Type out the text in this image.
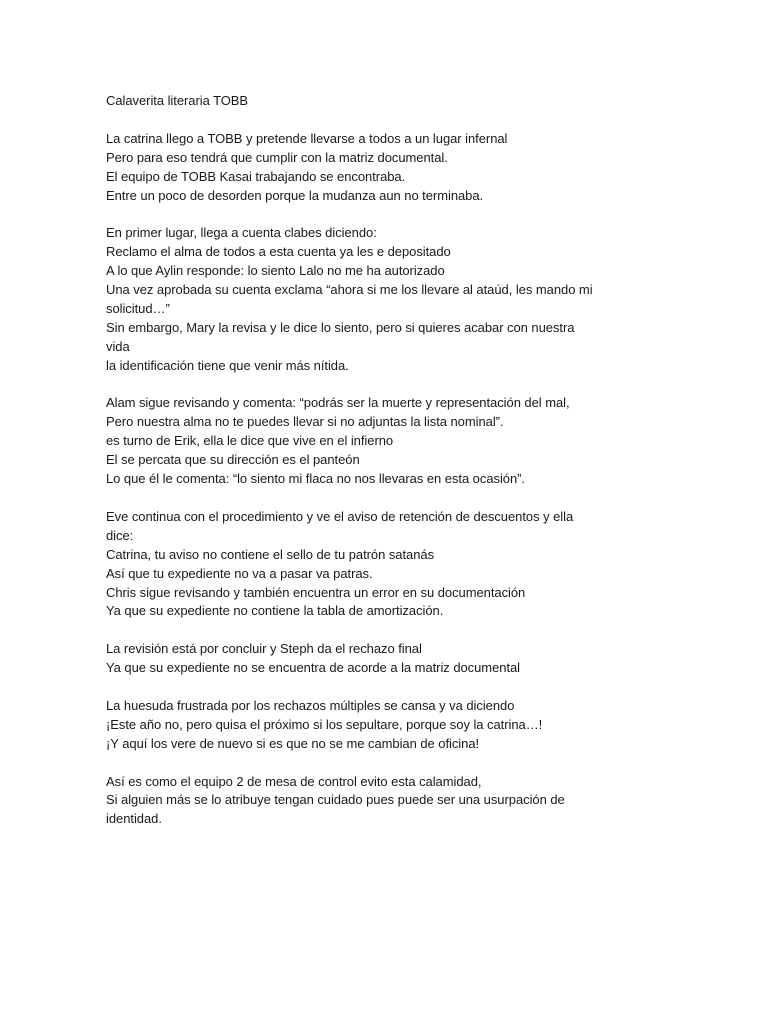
Calaverita literaria TOBB
La catrina llego a TOBB y pretende llevarse a todos a un lugar infernal
Pero para eso tendrá que cumplir con la matriz documental.
El equipo de TOBB Kasai trabajando se encontraba.
Entre un poco de desorden porque la mudanza aun no terminaba.
En primer lugar, llega a cuenta clabes diciendo:
Reclamo el alma de todos a esta cuenta ya les e depositado
A lo que Aylin responde: lo siento Lalo no me ha autorizado
Una vez aprobada su cuenta exclama “ahora si me los llevare al ataúd, les mando mi solicitud…”
Sin embargo, Mary la revisa y le dice lo siento, pero si quieres acabar con nuestra vida
la identificación tiene que venir más nítida.
Alam sigue revisando y comenta: “podrás ser la muerte y representación del mal,
Pero nuestra alma no te puedes llevar si no adjuntas la lista nominal”.
es turno de Erik, ella le dice que vive en el infierno
El se percata que su dirección es el panteón
Lo que él le comenta: “lo siento mi flaca no nos llevaras en esta ocasión”.
Eve continua con el procedimiento y ve el aviso de retención de descuentos y ella dice:
Catrina, tu aviso no contiene el sello de tu patrón satanás
Así que tu expediente no va a pasar va patras.
Chris sigue revisando y también encuentra un error en su documentación
Ya que su expediente no contiene la tabla de amortización.
La revisión está por concluir y Steph da el rechazo final
Ya que su expediente no se encuentra de acorde a la matriz documental
La huesuda frustrada por los rechazos múltiples se cansa y va diciendo
¡Este año no, pero quisa el próximo si los sepultare, porque soy la catrina…!
¡Y aquí los vere de nuevo si es que no se me cambian de oficina!
Así es como el equipo 2 de mesa de control evito esta calamidad,
Si alguien más se lo atribuye tengan cuidado pues puede ser una usurpación de identidad.
